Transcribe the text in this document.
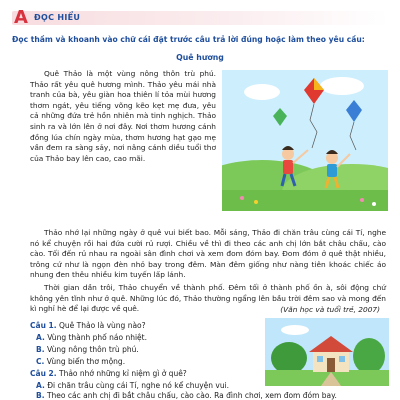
A ĐỌC HIỂU
Đọc thầm và khoanh vào chữ cái đặt trước câu trả lời đúng hoặc làm theo yêu cầu:
Quê hương

Quê Thảo là một vùng nông thôn trù phú. Thảo rất yêu quê hương mình. Thảo yêu mái nhà tranh của bà, yêu giàn hoa thiên lí tỏa mùi hương thơm ngát, yêu tiếng võng kẽo kẹt mẹ đưa, yêu cả những đứa trẻ hồn nhiên mà tinh nghịch. Thảo sinh ra và lớn lên ở nơi đây. Nơi thơm hương cánh đồng lúa chín ngày mùa, thơm hương hạt gạo mẹ vần đem ra sàng sảy, nơi nâng cánh diều tuổi thơ của Thảo bay lên cao, cao mãi.

Thảo nhớ lại những ngày ở quê vui biết bao. Mỗi sáng, Thảo đi chăn trâu cùng cái Tí, nghe nó kể chuyện rồi hai đứa cười rủ rượi. Chiều về thì đi theo các anh chị lớn bắt châu chấu, cào cào. Tối đến rủ nhau ra ngoài sân đình chơi và xem đom đóm bay. Đom đóm ở quê thật nhiều, trông cứ như là ngọn đèn nhỏ bay trong đêm. Màn đêm giống như nàng tiên khoác chiếc áo nhung đen thêu nhiều kim tuyến lấp lánh.

Thời gian dần trôi, Thảo chuyển về thành phố. Đêm tối ở thành phố ồn à, sôi động chứ không yên tĩnh như ở quê. Những lúc đó, Thảo thường ngẩng lên bầu trời đêm sao và mong đến kì nghỉ hè để lại được về quê.	(Văn học và tuổi trẻ, 2007)
Câu 1. Quê Thảo là vùng nào?
A. Vùng thành phố náo nhiệt.
B. Vùng nông thôn trù phú.
C. Vùng biển thơ mộng.
Câu 2. Thảo nhớ những kỉ niệm gì ở quê?
A. Đi chăn trâu cùng cái Tí, nghe nó kể chuyện vui.
B. Theo các anh chị đi bắt châu chấu, cào cào. Ra đình chơi, xem đom đóm bay.
